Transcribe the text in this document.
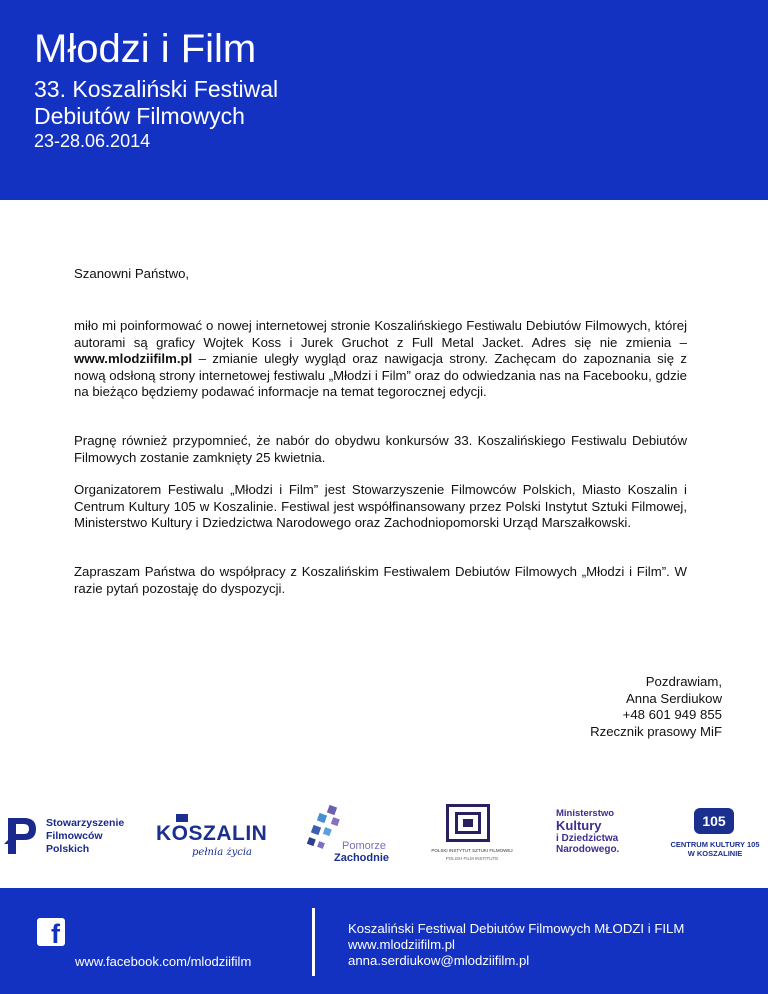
Młodzi i Film
33. Koszaliński Festiwal
Debiutów Filmowych
23-28.06.2014
Szanowni Państwo,
miło mi poinformować o nowej internetowej stronie Koszalińskiego Festiwalu Debiutów Filmowych, której autorami są graficy Wojtek Koss i Jurek Gruchot z Full Metal Jacket. Adres się nie zmienia – www.mlodziifilm.pl – zmianie uległy wygląd oraz nawigacja strony. Zachęcam do zapoznania się z nową odsłoną strony internetowej festiwalu „Młodzi i Film” oraz do odwiedzania nas na Facebooku, gdzie na bieżąco będziemy podawać informacje na temat tegorocznej edycji.
Pragnę również przypomnieć, że nabór do obydwu konkursów 33. Koszalińskiego Festiwalu Debiutów Filmowych zostanie zamknięty 25 kwietnia.
Organizatorem Festiwalu „Młodzi i Film” jest Stowarzyszenie Filmowców Polskich, Miasto Koszalin i Centrum Kultury 105 w Koszalinie. Festiwal jest współfinansowany przez Polski Instytut Sztuki Filmowej, Ministerstwo Kultury i Dziedzictwa Narodowego oraz Zachodniopomorski Urząd Marszałkowski.
Zapraszam Państwa do współpracy z Koszalińskim Festiwalem Debiutów Filmowych „Młodzi i Film”. W razie pytań pozostaję do dyspozycji.
Pozdrawiam,
Anna Serdiukow
+48 601 949 855
Rzecznik prasowy MiF
Stowarzyszenie
Filmowców
Polskich
KOSZALIN
pełnia życia
Pomorze
Zachodnie
POLSKI INSTYTUT SZTUKI FILMOWEJ
POLISH FILM INSTITUTE
Ministerstwo
Kultury
i Dziedzictwa
Narodowego.
105
CENTRUM KULTURY 105
W KOSZALINIE
f
www.facebook.com/mlodziifilm
Koszaliński Festiwal Debiutów Filmowych MŁODZI i FILM
www.mlodziifilm.pl
anna.serdiukow@mlodziifilm.pl
